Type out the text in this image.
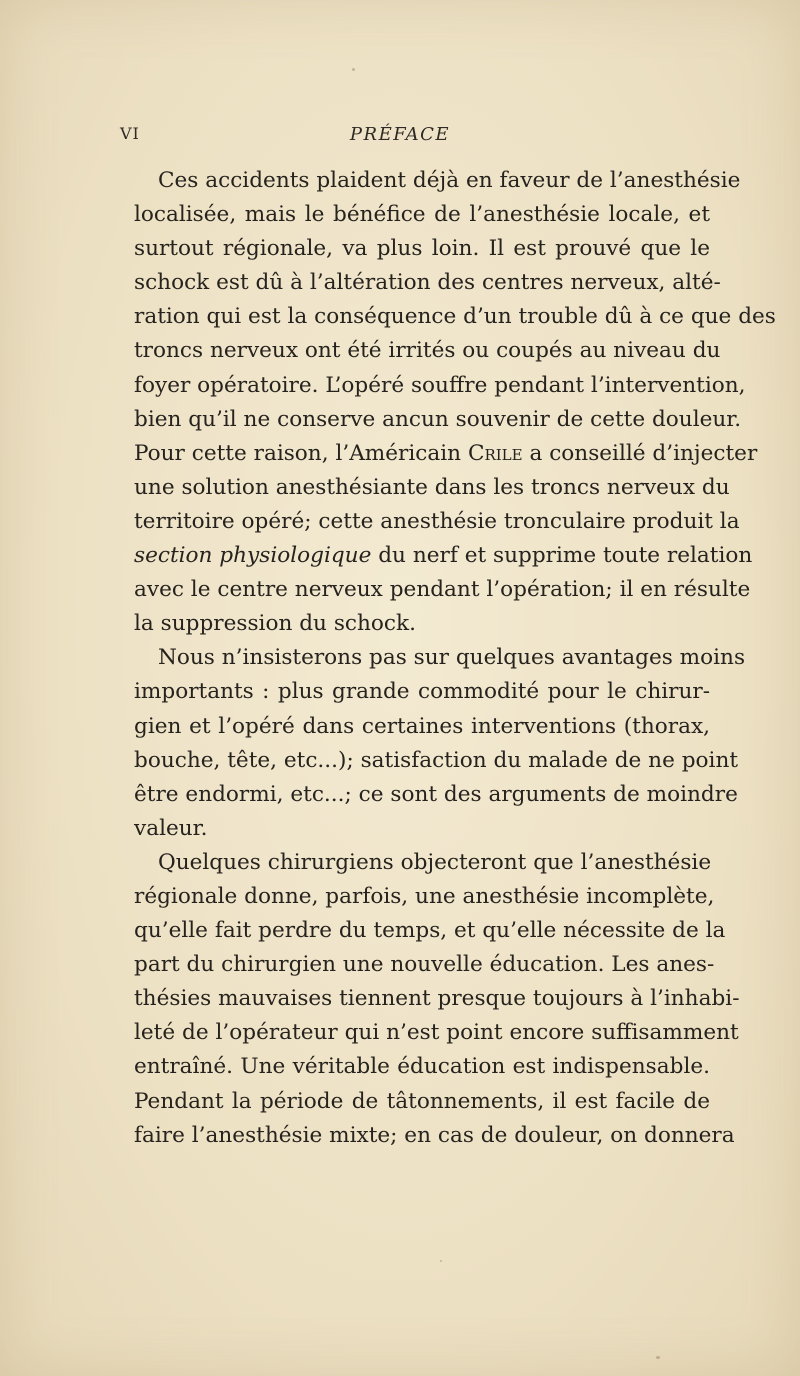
VI	PRÉFACE
Ces accidents plaident déjà en faveur de l’anesthésie
localisée, mais le bénéfice de l’anesthésie locale, et
surtout régionale, va plus loin. Il est prouvé que le
schock est dû à l’altération des centres nerveux, alté-
ration qui est la conséquence d’un trouble dû à ce que des
troncs nerveux ont été irrités ou coupés au niveau du
foyer opératoire. L’opéré souffre pendant l’intervention,
bien qu’il ne conserve ancun souvenir de cette douleur.
Pour cette raison, l’Américain Crile a conseillé d’injecter
une solution anesthésiante dans les troncs nerveux du
territoire opéré; cette anesthésie tronculaire produit la
section physiologique du nerf et supprime toute relation
avec le centre nerveux pendant l’opération; il en résulte
la suppression du schock.
Nous n’insisterons pas sur quelques avantages moins
importants : plus grande commodité pour le chirur-
gien et l’opéré dans certaines interventions (thorax,
bouche, tête, etc...); satisfaction du malade de ne point
être endormi, etc...; ce sont des arguments de moindre
valeur.
Quelques chirurgiens objecteront que l’anesthésie
régionale donne, parfois, une anesthésie incomplète,
qu’elle fait perdre du temps, et qu’elle nécessite de la
part du chirurgien une nouvelle éducation. Les anes-
thésies mauvaises tiennent presque toujours à l’inhabi-
leté de l’opérateur qui n’est point encore suffisamment
entraîné. Une véritable éducation est indispensable.
Pendant la période de tâtonnements, il est facile de
faire l’anesthésie mixte; en cas de douleur, on donnera
